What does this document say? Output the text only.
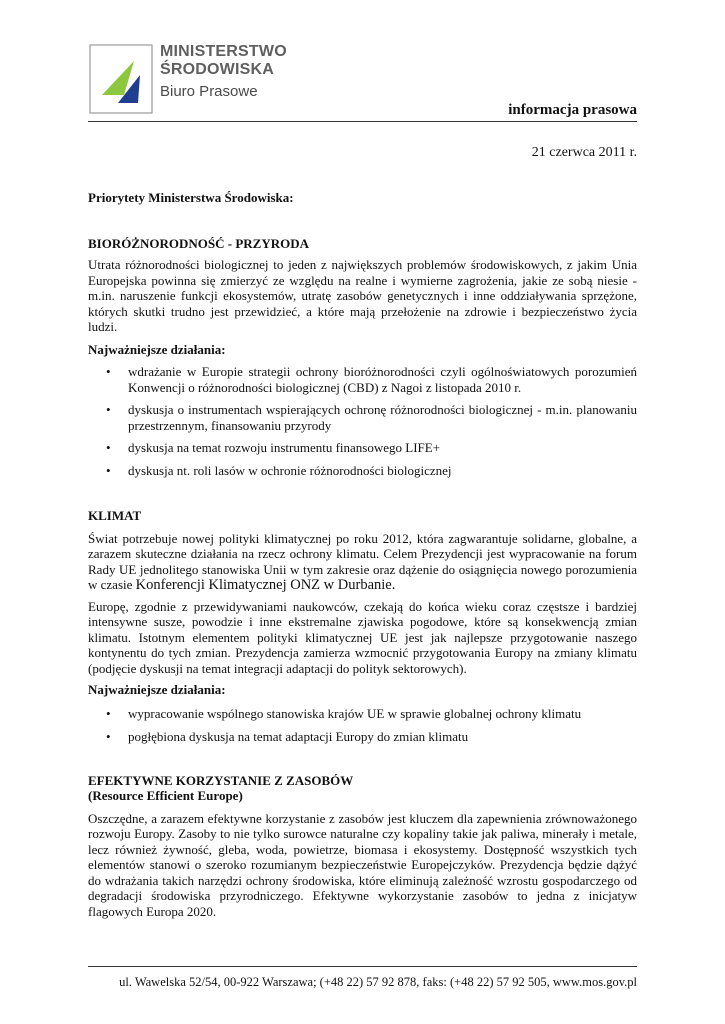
MINISTERSTWO
ŚRODOWISKA
Biuro Prasowe
informacja prasowa
21 czerwca 2011 r.
Priorytety Ministerstwa Środowiska:
BIORÓŻNORODNOŚĆ - PRZYRODA

Utrata różnorodności biologicznej to jeden z największych problemów środowiskowych, z jakim Unia Europejska powinna się zmierzyć ze względu na realne i wymierne zagrożenia, jakie ze sobą niesie - m.in. naruszenie funkcji ekosystemów, utratę zasobów genetycznych i inne oddziaływania sprzężone, których skutki trudno jest przewidzieć, a które mają przełożenie na zdrowie i bezpieczeństwo życia ludzi.

Najważniejsze działania:
• wdrażanie w Europie strategii ochrony bioróżnorodności czyli ogólnoświatowych porozumień Konwencji o różnorodności biologicznej (CBD) z Nagoi z listopada 2010 r.
• dyskusja o instrumentach wspierających ochronę różnorodności biologicznej - m.in. planowaniu przestrzennym, finansowaniu przyrody
• dyskusja na temat rozwoju instrumentu finansowego LIFE+
• dyskusja nt. roli lasów w ochronie różnorodności biologicznej
KLIMAT

Świat potrzebuje nowej polityki klimatycznej po roku 2012, która zagwarantuje solidarne, globalne, a zarazem skuteczne działania na rzecz ochrony klimatu. Celem Prezydencji jest wypracowanie na forum Rady UE jednolitego stanowiska Unii w tym zakresie oraz dążenie do osiągnięcia nowego porozumienia w czasie Konferencji Klimatycznej ONZ w Durbanie.

Europę, zgodnie z przewidywaniami naukowców, czekają do końca wieku coraz częstsze i bardziej intensywne susze, powodzie i inne ekstremalne zjawiska pogodowe, które są konsekwencją zmian klimatu. Istotnym elementem polityki klimatycznej UE jest jak najlepsze przygotowanie naszego kontynentu do tych zmian. Prezydencja zamierza wzmocnić przygotowania Europy na zmiany klimatu (podjęcie dyskusji na temat integracji adaptacji do polityk sektorowych).

Najważniejsze działania:
• wypracowanie wspólnego stanowiska krajów UE w sprawie globalnej ochrony klimatu
• pogłębiona dyskusja na temat adaptacji Europy do zmian klimatu
EFEKTYWNE KORZYSTANIE Z ZASOBÓW
(Resource Efficient Europe)

Oszczędne, a zarazem efektywne korzystanie z zasobów jest kluczem dla zapewnienia zrównoważonego rozwoju Europy. Zasoby to nie tylko surowce naturalne czy kopaliny takie jak paliwa, minerały i metale, lecz również żywność, gleba, woda, powietrze, biomasa i ekosystemy. Dostępność wszystkich tych elementów stanowi o szeroko rozumianym bezpieczeństwie Europejczyków. Prezydencja będzie dążyć do wdrażania takich narzędzi ochrony środowiska, które eliminują zależność wzrostu gospodarczego od degradacji środowiska przyrodniczego. Efektywne wykorzystanie zasobów to jedna z inicjatyw flagowych Europa 2020.

ul. Wawelska 52/54, 00-922 Warszawa; (+48 22) 57 92 878, faks: (+48 22) 57 92 505, www.mos.gov.pl
